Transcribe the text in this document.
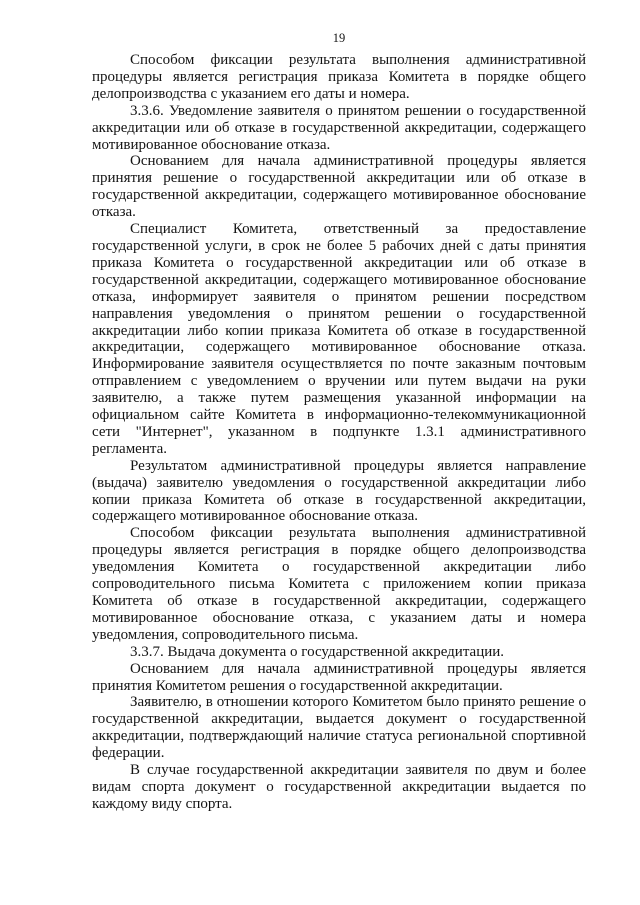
19

Способом фиксации результата выполнения административной процедуры является регистрация приказа Комитета в порядке общего делопроизводства с указанием его даты и номера.

3.3.6. Уведомление заявителя о принятом решении о государственной аккредитации или об отказе в государственной аккредитации, содержащего мотивированное обоснование отказа.

Основанием для начала административной процедуры является принятия решение о государственной аккредитации или об отказе в государственной аккредитации, содержащего мотивированное обоснование отказа.

Специалист Комитета, ответственный за предоставление государственной услуги, в срок не более 5 рабочих дней с даты принятия приказа Комитета о государственной аккредитации или об отказе в государственной аккредитации, содержащего мотивированное обоснование отказа, информирует заявителя о принятом решении посредством направления уведомления о принятом решении о государственной аккредитации либо копии приказа Комитета об отказе в государственной аккредитации, содержащего мотивированное обоснование отказа. Информирование заявителя осуществляется по почте заказным почтовым отправлением с уведомлением о вручении или путем выдачи на руки заявителю, а также путем размещения указанной информации на официальном сайте Комитета в информационно-телекоммуникационной сети "Интернет", указанном в подпункте 1.3.1 административного регламента.

Результатом административной процедуры является направление (выдача) заявителю уведомления о государственной аккредитации либо копии приказа Комитета об отказе в государственной аккредитации, содержащего мотивированное обоснование отказа.

Способом фиксации результата выполнения административной процедуры является регистрация в порядке общего делопроизводства уведомления Комитета о государственной аккредитации либо сопроводительного письма Комитета с приложением копии приказа Комитета об отказе в государственной аккредитации, содержащего мотивированное обоснование отказа, с указанием даты и номера уведомления, сопроводительного письма.

3.3.7. Выдача документа о государственной аккредитации.

Основанием для начала административной процедуры является принятия Комитетом решения о государственной аккредитации.

Заявителю, в отношении которого Комитетом было принято решение о государственной аккредитации, выдается документ о государственной аккредитации, подтверждающий наличие статуса региональной спортивной федерации.

В случае государственной аккредитации заявителя по двум и более видам спорта документ о государственной аккредитации выдается по каждому виду спорта.
